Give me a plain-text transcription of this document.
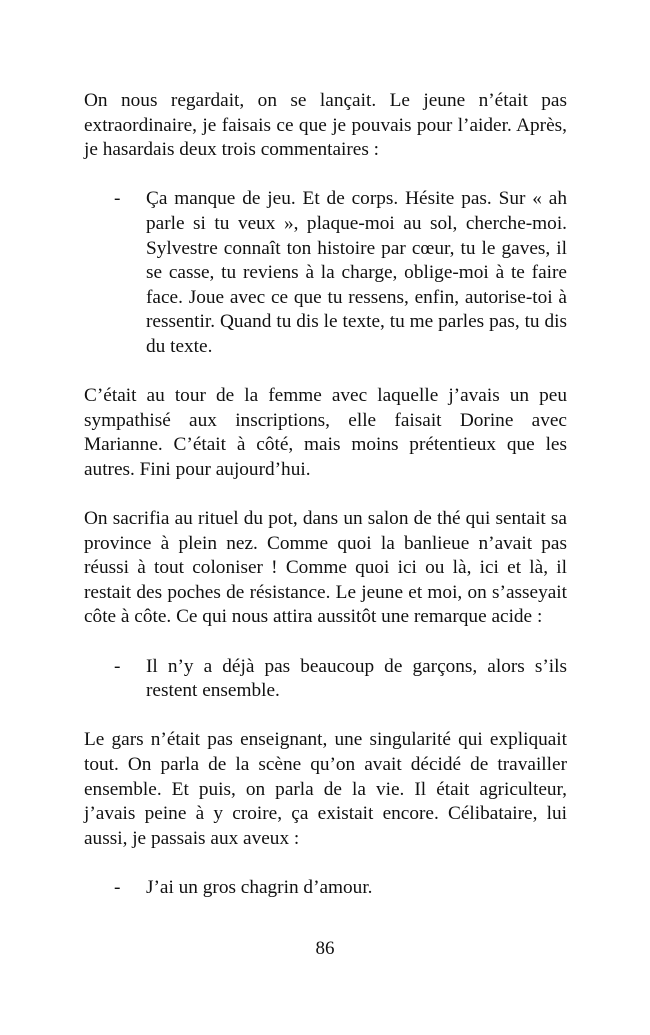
On nous regardait, on se lançait. Le jeune n’était pas extraordinaire, je faisais ce que je pouvais pour l’aider. Après, je hasardais deux trois commentaires :

- Ça manque de jeu. Et de corps. Hésite pas. Sur « ah parle si tu veux », plaque-moi au sol, cherche-moi. Sylvestre connaît ton histoire par cœur, tu le gaves, il se casse, tu reviens à la charge, oblige-moi à te faire face. Joue avec ce que tu ressens, enfin, autorise-toi à ressentir. Quand tu dis le texte, tu me parles pas, tu dis du texte.

C’était au tour de la femme avec laquelle j’avais un peu sympathisé aux inscriptions, elle faisait Dorine avec Marianne. C’était à côté, mais moins prétentieux que les autres. Fini pour aujourd’hui.

On sacrifia au rituel du pot, dans un salon de thé qui sentait sa province à plein nez. Comme quoi la banlieue n’avait pas réussi à tout coloniser ! Comme quoi ici ou là, ici et là, il restait des poches de résistance. Le jeune et moi, on s’asseyait côte à côte. Ce qui nous attira aussitôt une remarque acide :

- Il n’y a déjà pas beaucoup de garçons, alors s’ils restent ensemble.

Le gars n’était pas enseignant, une singularité qui expliquait tout. On parla de la scène qu’on avait décidé de travailler ensemble. Et puis, on parla de la vie. Il était agriculteur, j’avais peine à y croire, ça existait encore. Célibataire, lui aussi, je passais aux aveux :

- J’ai un gros chagrin d’amour.
86
